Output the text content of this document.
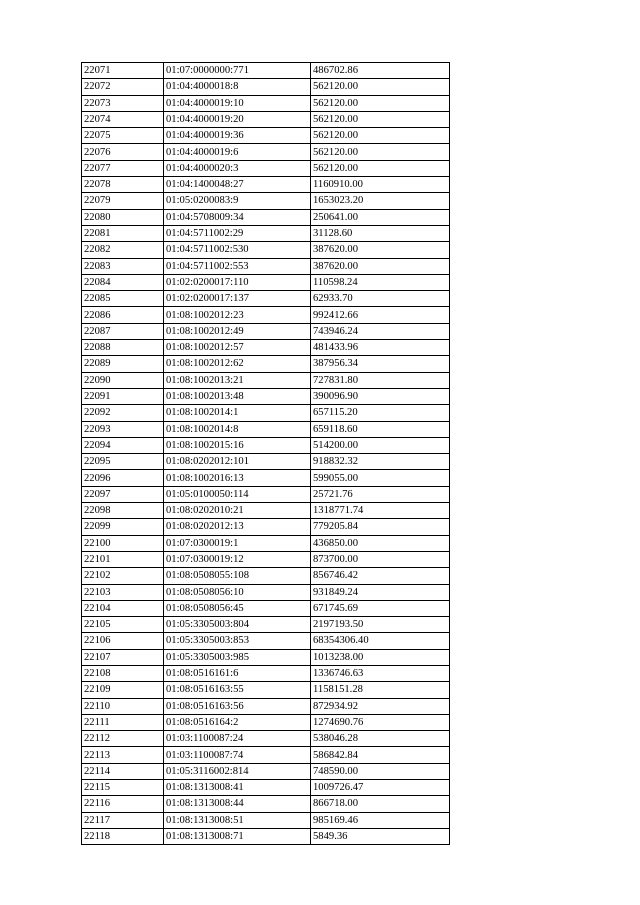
22071	01:07:0000000:771	486702.86
22072	01:04:4000018:8	562120.00
22073	01:04:4000019:10	562120.00
22074	01:04:4000019:20	562120.00
22075	01:04:4000019:36	562120.00
22076	01:04:4000019:6	562120.00
22077	01:04:4000020:3	562120.00
22078	01:04:1400048:27	1160910.00
22079	01:05:0200083:9	1653023.20
22080	01:04:5708009:34	250641.00
22081	01:04:5711002:29	31128.60
22082	01:04:5711002:530	387620.00
22083	01:04:5711002:553	387620.00
22084	01:02:0200017:110	110598.24
22085	01:02:0200017:137	62933.70
22086	01:08:1002012:23	992412.66
22087	01:08:1002012:49	743946.24
22088	01:08:1002012:57	481433.96
22089	01:08:1002012:62	387956.34
22090	01:08:1002013:21	727831.80
22091	01:08:1002013:48	390096.90
22092	01:08:1002014:1	657115.20
22093	01:08:1002014:8	659118.60
22094	01:08:1002015:16	514200.00
22095	01:08:0202012:101	918832.32
22096	01:08:1002016:13	599055.00
22097	01:05:0100050:114	25721.76
22098	01:08:0202010:21	1318771.74
22099	01:08:0202012:13	779205.84
22100	01:07:0300019:1	436850.00
22101	01:07:0300019:12	873700.00
22102	01:08:0508055:108	856746.42
22103	01:08:0508056:10	931849.24
22104	01:08:0508056:45	671745.69
22105	01:05:3305003:804	2197193.50
22106	01:05:3305003:853	68354306.40
22107	01:05:3305003:985	1013238.00
22108	01:08:0516161:6	1336746.63
22109	01:08:0516163:55	1158151.28
22110	01:08:0516163:56	872934.92
22111	01:08:0516164:2	1274690.76
22112	01:03:1100087:24	538046.28
22113	01:03:1100087:74	586842.84
22114	01:05:3116002:814	748590.00
22115	01:08:1313008:41	1009726.47
22116	01:08:1313008:44	866718.00
22117	01:08:1313008:51	985169.46
22118	01:08:1313008:71	5849.36
